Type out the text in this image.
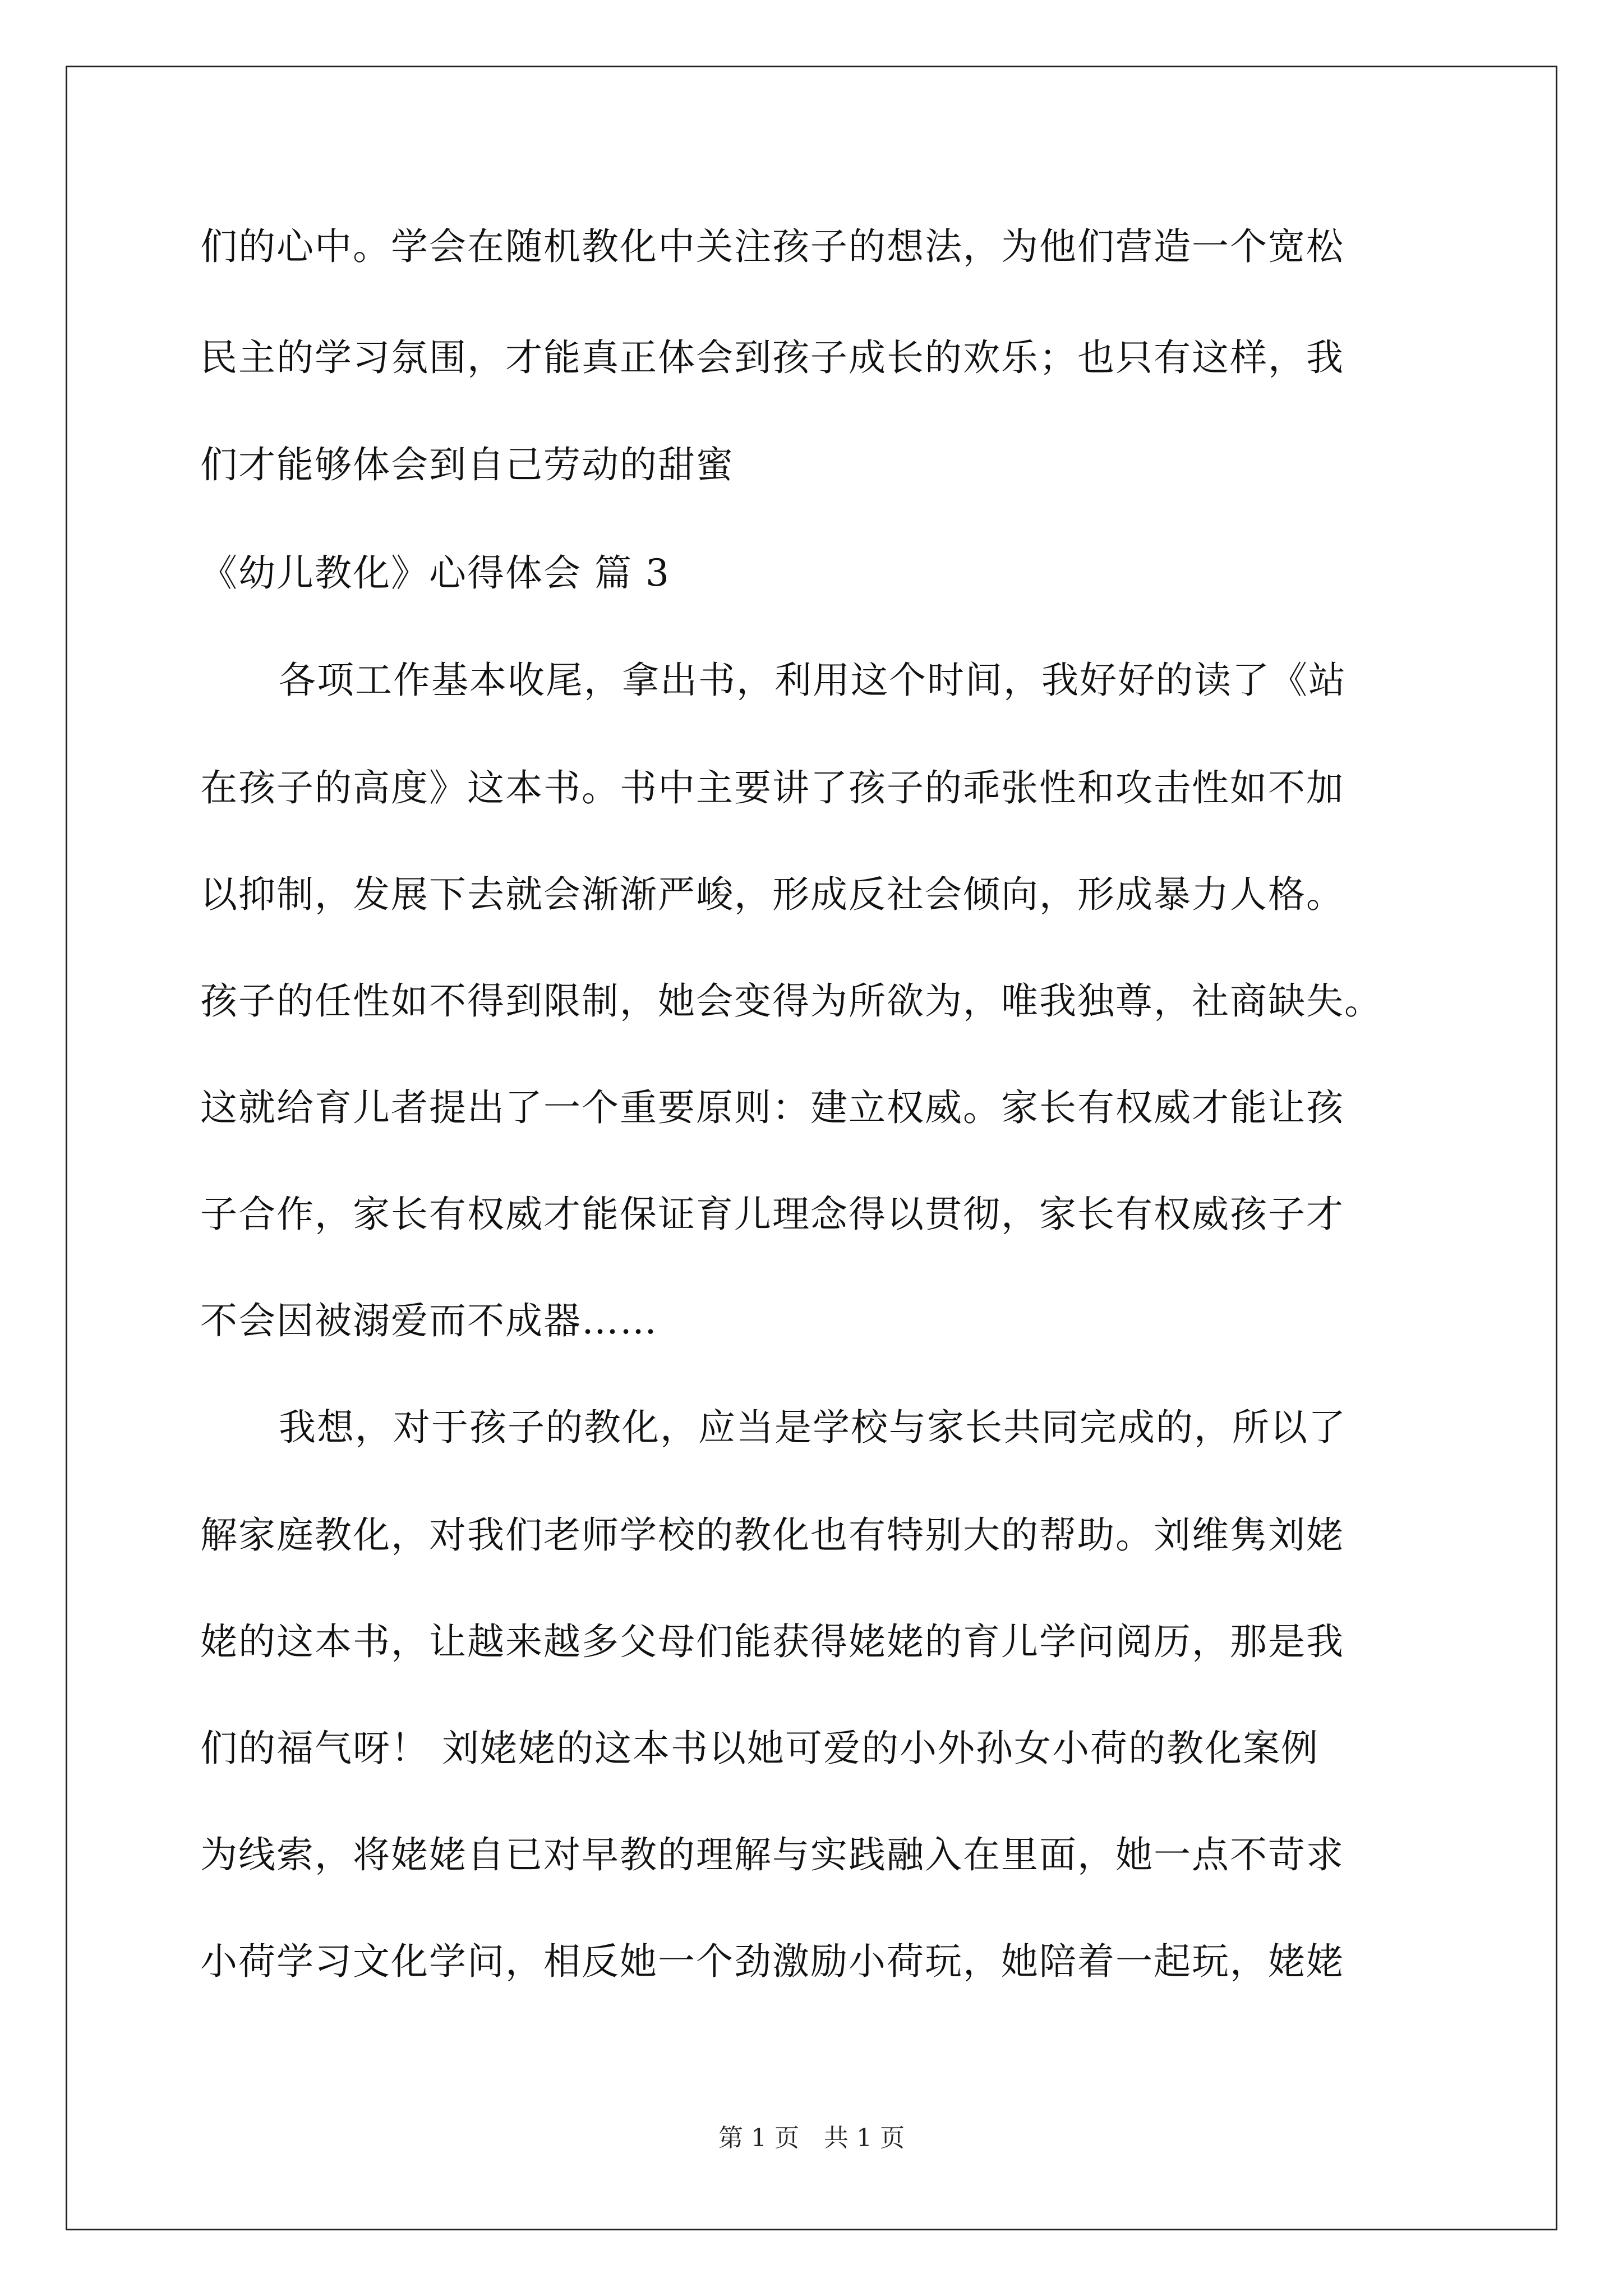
们的心中。学会在随机教化中关注孩子的想法，为他们营造一个宽松
民主的学习氛围，才能真正体会到孩子成长的欢乐；也只有这样，我
们才能够体会到自己劳动的甜蜜
《幼儿教化》心得体会 篇 3
各项工作基本收尾，拿出书，利用这个时间，我好好的读了《站
在孩子的高度》这本书。书中主要讲了孩子的乖张性和攻击性如不加
以抑制，发展下去就会渐渐严峻，形成反社会倾向，形成暴力人格。
孩子的任性如不得到限制，她会变得为所欲为，唯我独尊，社商缺失。
这就给育儿者提出了一个重要原则：建立权威。家长有权威才能让孩
子合作，家长有权威才能保证育儿理念得以贯彻，家长有权威孩子才
不会因被溺爱而不成器……
我想，对于孩子的教化，应当是学校与家长共同完成的，所以了
解家庭教化，对我们老师学校的教化也有特别大的帮助。刘维隽刘姥
姥的这本书，让越来越多父母们能获得姥姥的育儿学问阅历，那是我
们的福气呀！ 刘姥姥的这本书以她可爱的小外孙女小荷的教化案例
为线索，将姥姥自已对早教的理解与实践融入在里面，她一点不苛求
小荷学习文化学问，相反她一个劲激励小荷玩，她陪着一起玩，姥姥
第 1 页　共 1 页
